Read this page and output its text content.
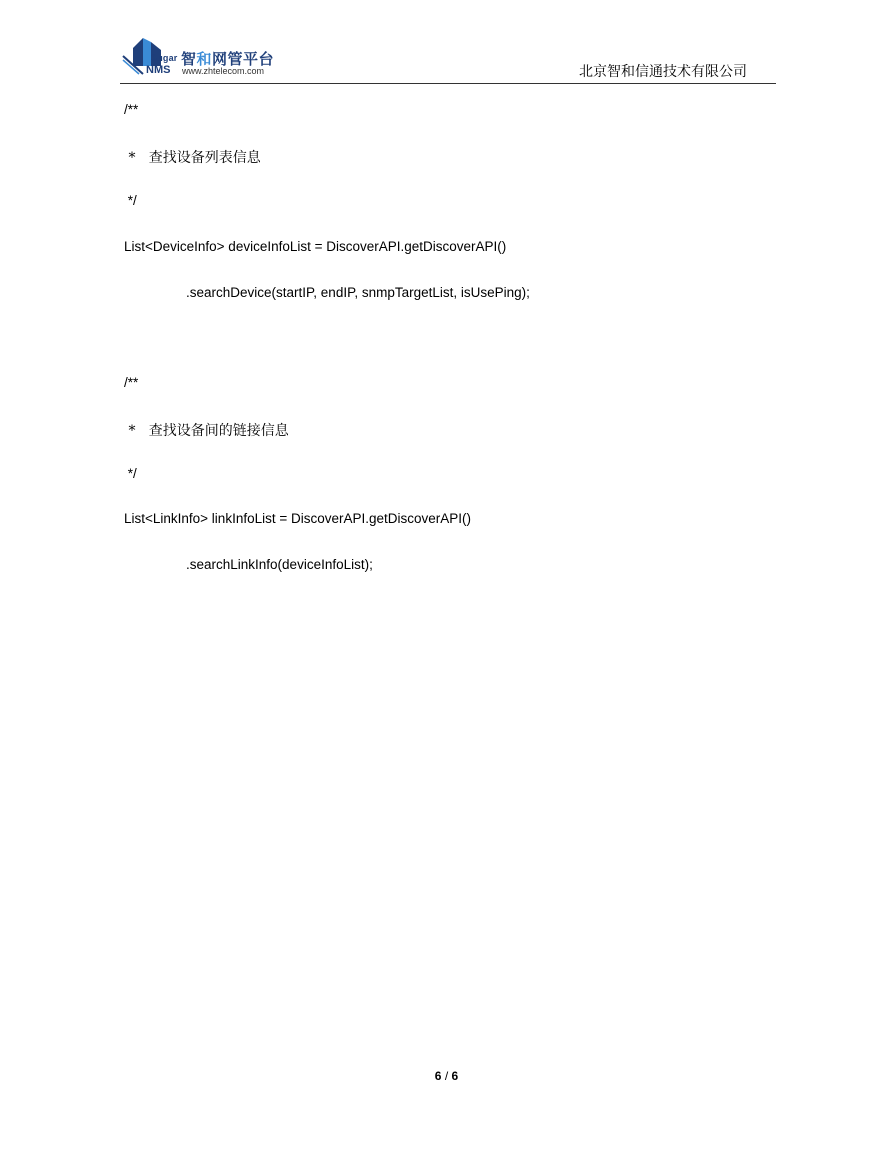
Sugar
NMS
智和网管平台
www.zhtelecom.com	北京智和信通技术有限公司
/**
*   查找设备列表信息
*/
List<DeviceInfo> deviceInfoList = DiscoverAPI.getDiscoverAPI()
.searchDevice(startIP, endIP, snmpTargetList, isUsePing);
/**
*   查找设备间的链接信息
*/
List<LinkInfo> linkInfoList = DiscoverAPI.getDiscoverAPI()
.searchLinkInfo(deviceInfoList);
6 / 6
